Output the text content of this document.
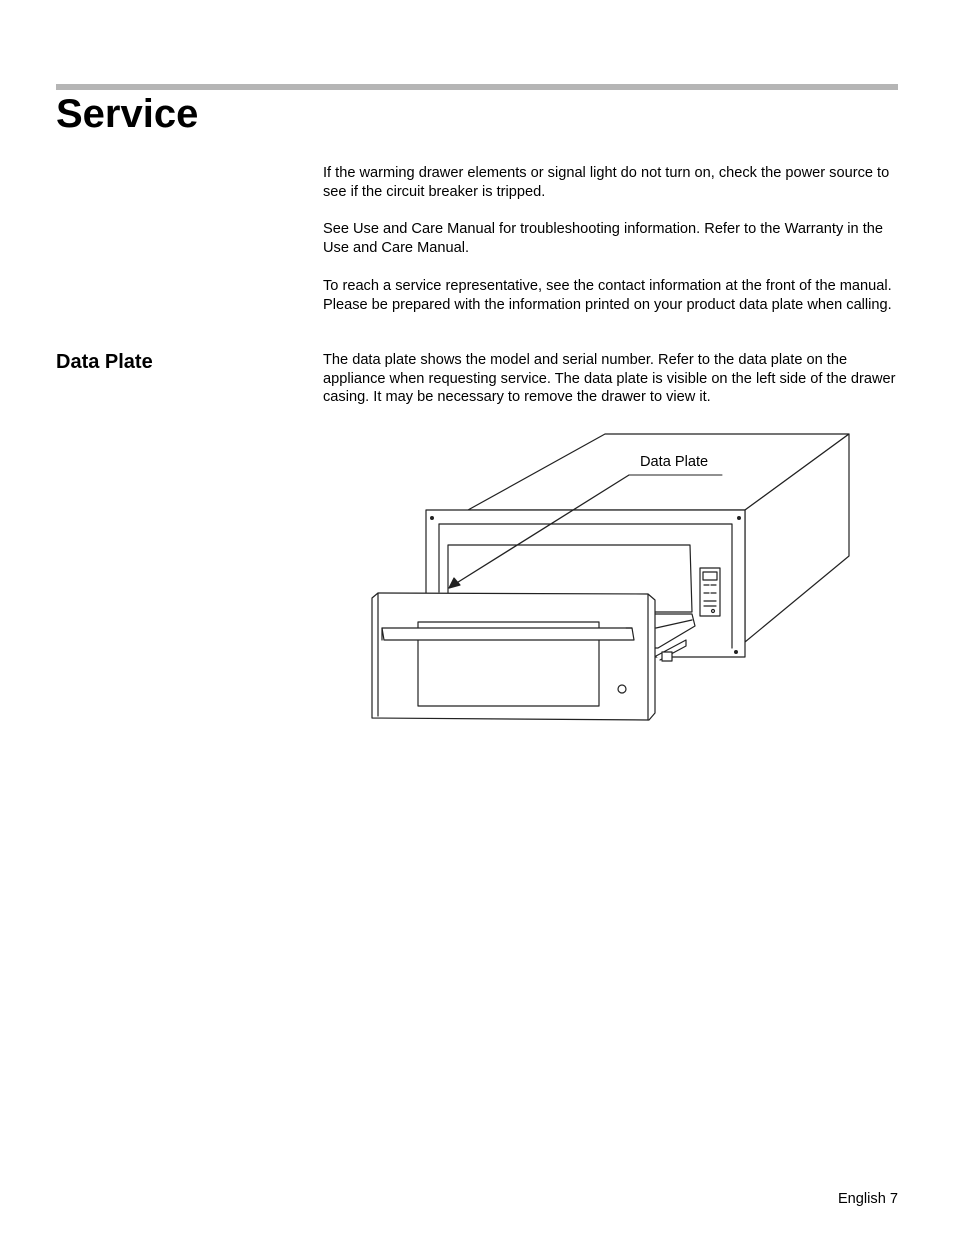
Service

If the warming drawer elements or signal light do not turn on, check the power source to see if the circuit breaker is tripped.

See Use and Care Manual for troubleshooting information. Refer to the Warranty in the Use and Care Manual.

To reach a service representative, see the contact information at the front of the manual. Please be prepared with the information printed on your product data plate when calling.

Data Plate	The data plate shows the model and serial number. Refer to the data plate on the appliance when requesting service. The data plate is visible on the left side of the drawer casing. It may be necessary to remove the drawer to view it.

Data Plate
English 7
